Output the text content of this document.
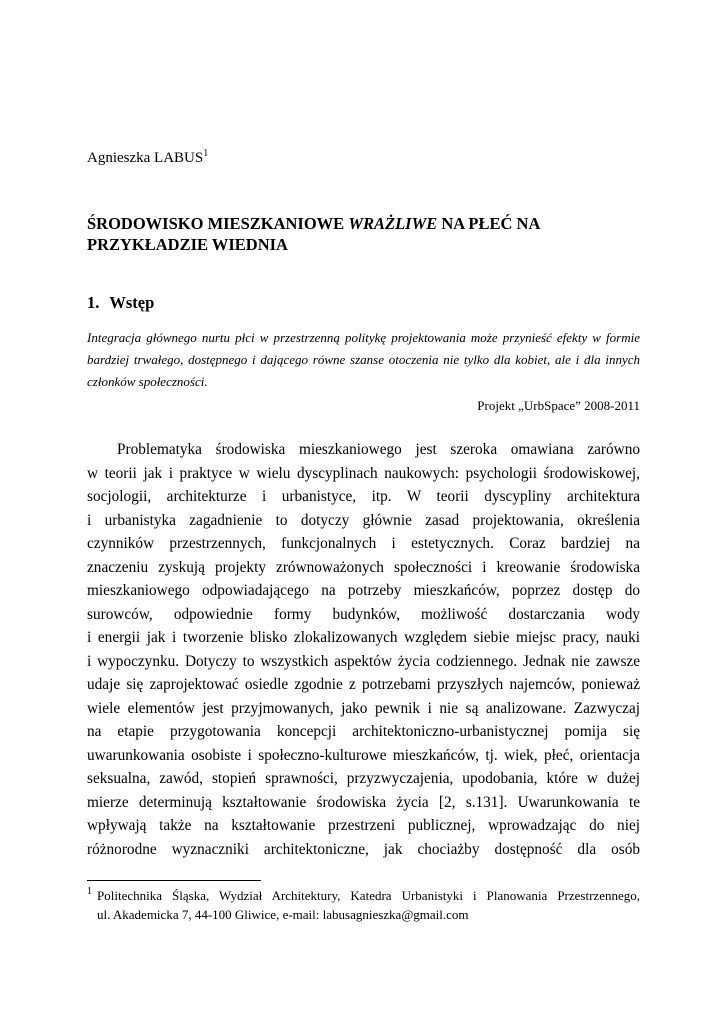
Agnieszka LABUS$^1$
ŚRODOWISKO MIESZKANIOWE WRAŻLIWE NA PŁEĆ NA
PRZYKŁADZIE WIEDNIA
1. Wstęp
Integracja głównego nurtu płci w przestrzenną politykę projektowania może przynieść efekty w formie
bardziej trwałego, dostępnego i dającego równe szanse otoczenia nie tylko dla kobiet, ale i dla innych
członków społeczności.
Projekt „UrbSpace” 2008-2011
Problematyka środowiska mieszkaniowego jest szeroka omawiana zarówno
w teorii jak i praktyce w wielu dyscyplinach naukowych: psychologii środowiskowej,
socjologii, architekturze i urbanistyce, itp. W teorii dyscypliny architektura
i urbanistyka zagadnienie to dotyczy głównie zasad projektowania, określenia
czynników przestrzennych, funkcjonalnych i estetycznych. Coraz bardziej na
znaczeniu zyskują projekty zrównoważonych społeczności i kreowanie środowiska
mieszkaniowego odpowiadającego na potrzeby mieszkańców, poprzez dostęp do
surowców, odpowiednie formy budynków, możliwość dostarczania wody
i energii jak i tworzenie blisko zlokalizowanych względem siebie miejsc pracy, nauki
i wypoczynku. Dotyczy to wszystkich aspektów życia codziennego. Jednak nie zawsze
udaje się zaprojektować osiedle zgodnie z potrzebami przyszłych najemców, ponieważ
wiele elementów jest przyjmowanych, jako pewnik i nie są analizowane. Zazwyczaj
na etapie przygotowania koncepcji architektoniczno-urbanistycznej pomija się
uwarunkowania osobiste i społeczno-kulturowe mieszkańców, tj. wiek, płeć, orientacja
seksualna, zawód, stopień sprawności, przyzwyczajenia, upodobania, które w dużej
mierze determinują kształtowanie środowiska życia [2, s.131]. Uwarunkowania te
wpływają także na kształtowanie przestrzeni publicznej, wprowadzając do niej
różnorodne wyznaczniki architektoniczne, jak chociażby dostępność dla osób
1 Politechnika Śląska, Wydział Architektury, Katedra Urbanistyki i Planowania Przestrzennego,
ul. Akademicka 7, 44-100 Gliwice, e-mail: labusagnieszka@gmail.com
